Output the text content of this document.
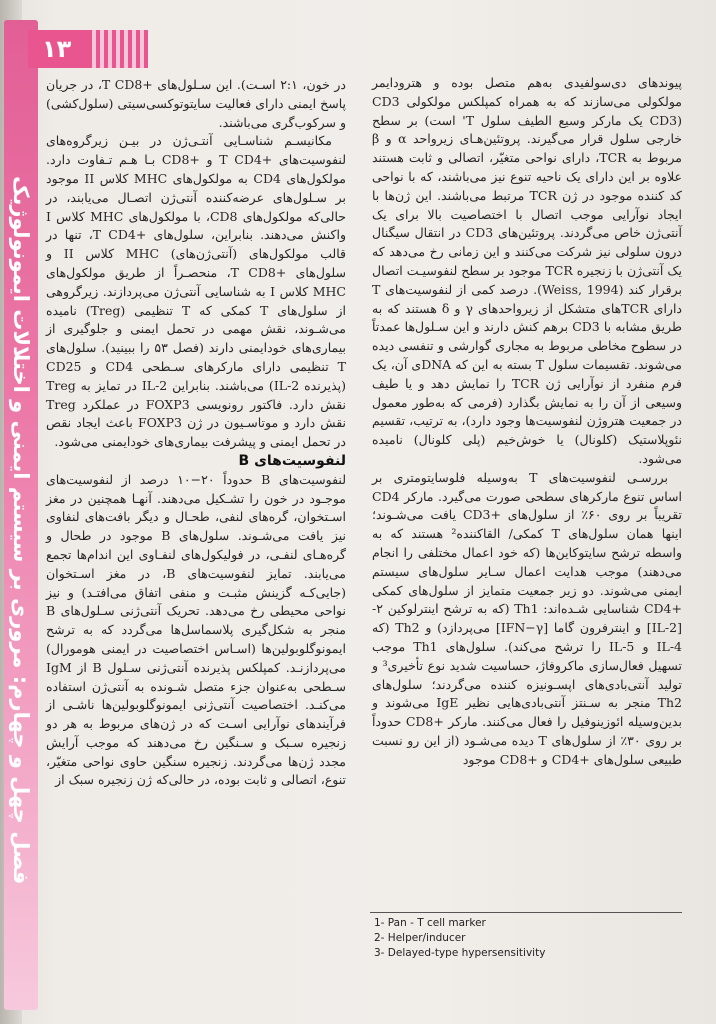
فصل چهل و چهارم: مروری بر سیستم ایمنی و اختلالات ایمونولوژیک
۱۳

پیوندهای دی‌سولفیدی به‌هم متصل بوده و هترودایمر مولکولی می‌سازند که به همراه کمپلکس مولکولی CD3 (CD3 یک مارکر وسیع الطیف سلول T' است) بر سطح خارجی سلول قرار می‌گیرند. پروتئین‌هـای زیرواحد α و β مربوط به TCR، دارای نواحی متغیّر، اتصالی و ثابت هستند علاوه بر این دارای یک ناحیه تنوع نیز می‌باشند، که با نواحی کد کننده موجود در ژن TCR مرتبط می‌باشند. این ژن‌ها با ایجاد نوآرایی موجب اتصال با اختصاصیت بالا برای یک آنتی‌ژن خاص می‌گردند. پروتئین‌های CD3 در انتقال سیگنال درون سلولی نیز شرکت می‌کنند و این زمانی رخ می‌دهد که یک آنتی‌ژن با زنجیره TCR موجود بر سطح لنفوسیـت اتصال برقرار کند (Weiss, 1994). درصد کمی از لنفوسیت‌های T دارای TCRهای متشکل از زیرواحدهای γ و δ هستند که به طریق مشابه با CD3 برهم کنش دارند و این سـلول‌ها عمدتاً در سطوح مخاطی مربوط به مجاری گوارشی و تنفسی دیده می‌شوند. تقسیمات سلول T بسته به این که DNAی آن، یک فرم منفرد از نوآرایی ژن TCR را نمایش دهد و یا طیف وسیعی از آن را به نمایش بگذارد (فرمی که به‌طور معمول در جمعیت هتروژن لنفوسیت‌ها وجود دارد)، به ترتیب، تقسیم نئوپلاستیک (کلونال) یا خوش‌خیم (پلی کلونال) نامیده می‌شود.

بررسـی لنفوسیت‌های T به‌وسیله فلوسایتومتری بر اساس تنوع مارکرهای سطحی صورت می‌گیرد. مارکر CD4 تقریباً بر روی ۶۰٪ از سلول‌های +CD3 یافت می‌شـوند؛ اینها همان سلول‌های T کمکی/ القاکننده² هستند که به واسطه ترشح سایتوکاین‌ها (که خود اعمال مختلفی را انجام می‌دهند) موجب هدایت اعمال سـایر سلول‌های سیستم ایمنی می‌شوند. دو زیر جمعیت متمایز از سلول‌های کمکی +CD4 شناسایی شـده‌اند: Th1 (که به ترشح اینترلوکین ۲- [IL-2] و اینترفرون گاما [IFN−γ] می‌پردازد) و Th2 (که IL-4 و IL-5 را ترشح می‌کند). سلول‌های Th1 موجب تسهیل فعال‌سازی ماکروفاژ، حساسیت شدید نوع تأخیری³ و تولید آنتی‌بادی‌های اپسـونیزه کننده می‌گردند؛ سلول‌های Th2 منجر به سـنتز آنتی‌بادی‌هایی نظیر IgE می‌شوند و بدین‌وسیله ائوزینوفیل را فعال می‌کنند. مارکر +CD8 حدوداً بر روی ۳۰٪ از سلول‌های T دیده می‌شـود (از این رو نسبت طبیعی سلول‌های +CD4 و +CD8 موجود

در خون، ۲:۱ اسـت). این سـلول‌های +T CD8، در جریان پاسخ ایمنی دارای فعالیت سایتوتوکسی‌سیتی (سلول‌کشی) و سرکوب‌گری می‌باشند.

مکانیسـم شناسـایی آنتـی‌ژن در بیـن زیرگروه‌های لنفوسیت‌های +T CD4 و +CD8 بـا هـم تـفاوت دارد. مولکول‌های CD4 به مولکول‌های MHC کلاس II موجود بر سـلول‌های عرضه‌کننده آنتی‌ژن اتصـال می‌یابند، در حالی‌که مولکول‌های CD8، با مولکول‌های MHC کلاس I واکنش می‌دهند. بنابراین، سلول‌های +T CD4، تنها در قالب مولکول‌های (آنتی‌ژن‌های) MHC کلاس II و سلول‌های +T CD8، منحصـراً از طریق مولکول‌های MHC کلاس I به شناسایی آنتی‌ژن می‌پردازند. زیرگروهی از سلول‌های T کمکی که T تنظیمی (Treg) نامیده می‌شـوند، نقش مهمی در تحمل ایمنی و جلوگیری از بیماری‌های خودایمنی دارند (فصل ۵۳ را ببینید). سلول‌های T تنظیمی دارای مارکرهای سـطحی CD4 و CD25 (پذیرنده IL-2) می‌باشند. بنابراین IL-2 در تمایز به Treg نقش دارد. فاکتور رونویسی FOXP3 در عملکرد Treg نقش دارد و موتاسـیون در ژن FOXP3 باعث ایجاد نقص در تحمل ایمنی و پیشرفت بیماری‌های خودایمنی می‌شود.

لنفوسیت‌های B

لنفوسیت‌های B حدوداً ۲۰−۱۰ درصد از لنفوسیت‌های موجـود در خون را تشـکیل می‌دهند. آنهـا همچنین در مغز اسـتخوان، گره‌های لنفی، طحـال و دیگر بافت‌های لنفاوی نیز یافت می‌شـوند. سلول‌های B موجود در طحال و گره‌هـای لنفـی، در فولیکول‌های لنفـاوی این اندام‌ها تجمع می‌یابند. تمایز لنفوسیت‌های B، در مغز اسـتخوان (جایی‌کـه گزینش مثبـت و منفی اتفاق می‌افتـد) و نیز نواحی محیطی رخ می‌دهد. تحریک آنتی‌ژنی سـلول‌های B منجر به شکل‌گیری پلاسماسل‌ها می‌گردد که به ترشح ایمونوگلوبولین‌ها (اسـاس اختصاصیت در ایمنی هومورال) می‌پردازنـد. کمپلکس پذیرنده آنتی‌ژنی سـلول B از IgM سـطحی به‌عنوان جزء متصل شـونده به آنتی‌ژن استفاده می‌کنـد. اختصاصیت آنتی‌ژنی ایمونوگلوبولین‌ها ناشـی از فرآیندهای نوآرایی اسـت که در ژن‌های مربوط به هر دو زنجیره سـبک و سـنگین رخ می‌دهند که موجب آرایش مجدد ژن‌ها می‌گردند. زنجیره سنگین حاوی نواحی متغیّر، تنوع، اتصالی و ثابت بوده، در حالی‌که ژن زنجیره سبک از

1- Pan - T cell marker
2- Helper/inducer
3- Delayed-type hypersensitivity
